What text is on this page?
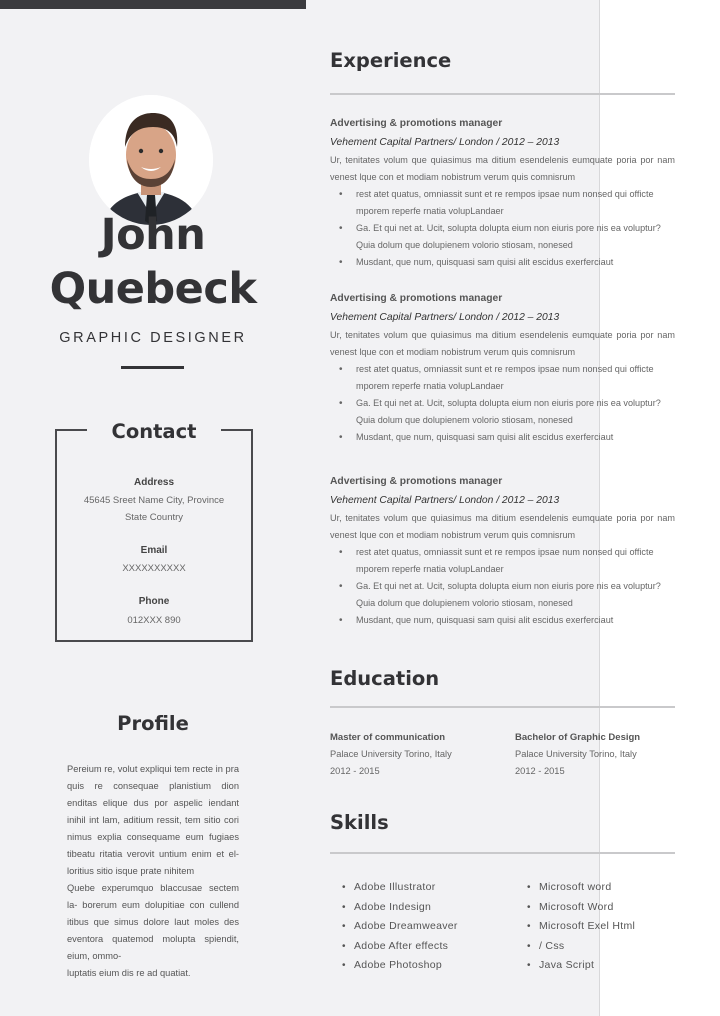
John
Quebeck
GRAPHIC DESIGNER
Contact
Address
45645 Sreet Name City, Province
State Country
Email
XXXXXXXXXX
Phone
012XXX 890
Profile

Pereium re, volut expliqui tem recte in pra quis re consequae planistium dion enditas elique dus por aspelic iendant inihil int lam, aditium ressit, tem sitio cori nimus explia consequame eum fugiaes tibeatu ritatia verovit untium enim et el-loritius sitio isque prate nihitem

Quebe experumquo blaccusae sectem la- borerum eum dolupitiae con cullend itibus que simus dolore laut moles des eventora quatemod molupta spiendit, eium, ommo-

luptatis eium dis re ad quatiat.

Experience
Advertising & promotions manager
Vehement Capital Partners/ London / 2012 – 2013
Ur, tenitates volum que quiasimus ma ditium esendelenis eumquate poria por nam venest lque con et modiam nobistrum verum quis comnisrum
• rest atet quatus, omniassit sunt et re rempos ipsae num nonsed qui officte mporem reperfe rnatia volupLandaer
• Ga. Et qui net at. Ucit, solupta dolupta eium non eiuris pore nis ea voluptur? Quia dolum que dolupienem volorio stiosam, nonesed
• Musdant, que num, quisquasi sam quisi alit escidus exerferciaut
Advertising & promotions manager
Vehement Capital Partners/ London / 2012 – 2013
Ur, tenitates volum que quiasimus ma ditium esendelenis eumquate poria por nam venest lque con et modiam nobistrum verum quis comnisrum
• rest atet quatus, omniassit sunt et re rempos ipsae num nonsed qui officte mporem reperfe rnatia volupLandaer
• Ga. Et qui net at. Ucit, solupta dolupta eium non eiuris pore nis ea voluptur? Quia dolum que dolupienem volorio stiosam, nonesed
• Musdant, que num, quisquasi sam quisi alit escidus exerferciaut
Advertising & promotions manager
Vehement Capital Partners/ London / 2012 – 2013
Ur, tenitates volum que quiasimus ma ditium esendelenis eumquate poria por nam venest lque con et modiam nobistrum verum quis comnisrum
• rest atet quatus, omniassit sunt et re rempos ipsae num nonsed qui officte mporem reperfe rnatia volupLandaer
• Ga. Et qui net at. Ucit, solupta dolupta eium non eiuris pore nis ea voluptur? Quia dolum que dolupienem volorio stiosam, nonesed
• Musdant, que num, quisquasi sam quisi alit escidus exerferciaut
Education
Master of communication
Palace University Torino, Italy
2012 - 2015
Bachelor of Graphic Design
Palace University Torino, Italy
2012 - 2015
Skills
• Adobe Illustrator
• Adobe Indesign
• Adobe Dreamweaver
• Adobe After effects
• Adobe Photoshop
• Microsoft word
• Microsoft Word
• Microsoft Exel Html
• / Css
• Java Script
